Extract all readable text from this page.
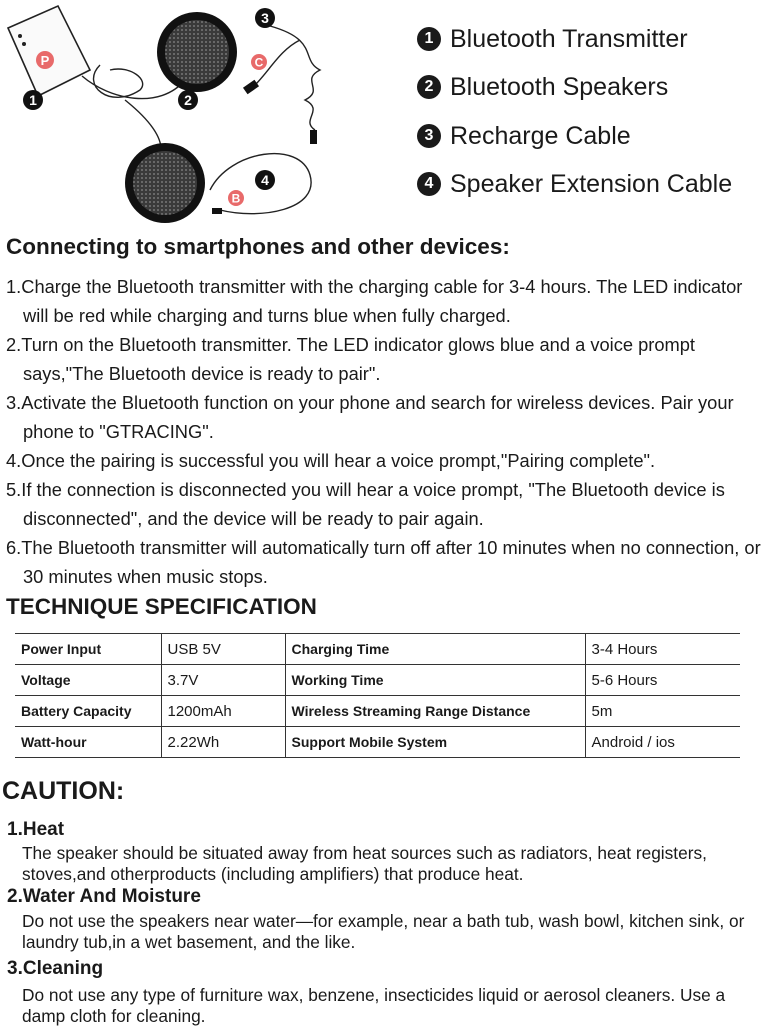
P	C
B
1	2
3
4
1 Bluetooth Transmitter
2 Bluetooth Speakers
3 Recharge Cable
4 Speaker Extension Cable
Connecting to smartphones and other devices:
1.Charge the Bluetooth transmitter with the charging cable for 3-4 hours. The LED indicator will be red while charging and turns blue when fully charged.
2.Turn on the Bluetooth transmitter. The LED indicator glows blue and a voice prompt says,"The Bluetooth device is ready to pair".
3.Activate the Bluetooth function on your phone and search for wireless devices. Pair your phone to "GTRACING".
4.Once the pairing is successful you will hear a voice prompt,"Pairing complete".
5.If the connection is disconnected you will hear a voice prompt, "The Bluetooth device is disconnected", and the device will be ready to pair again.
6.The Bluetooth transmitter will automatically turn off after 10 minutes when no connection, or 30 minutes when music stops.
TECHNIQUE SPECIFICATION
Power Input	USB 5V	Charging Time	3-4 Hours
Voltage	3.7V	Working Time	5-6 Hours
Battery Capacity	1200mAh	Wireless Streaming Range Distance	5m
Watt-hour	2.22Wh	Support Mobile System	Android / ios
CAUTION:
1.Heat
The speaker should be situated away from heat sources such as radiators, heat registers, stoves,and otherproducts (including amplifiers) that produce heat.
2.Water And Moisture
Do not use the speakers near water—for example, near a bath tub, wash bowl, kitchen sink, or laundry tub,in a wet basement, and the like.
3.Cleaning
Do not use any type of furniture wax, benzene, insecticides liquid or aerosol cleaners. Use a damp cloth for cleaning.
